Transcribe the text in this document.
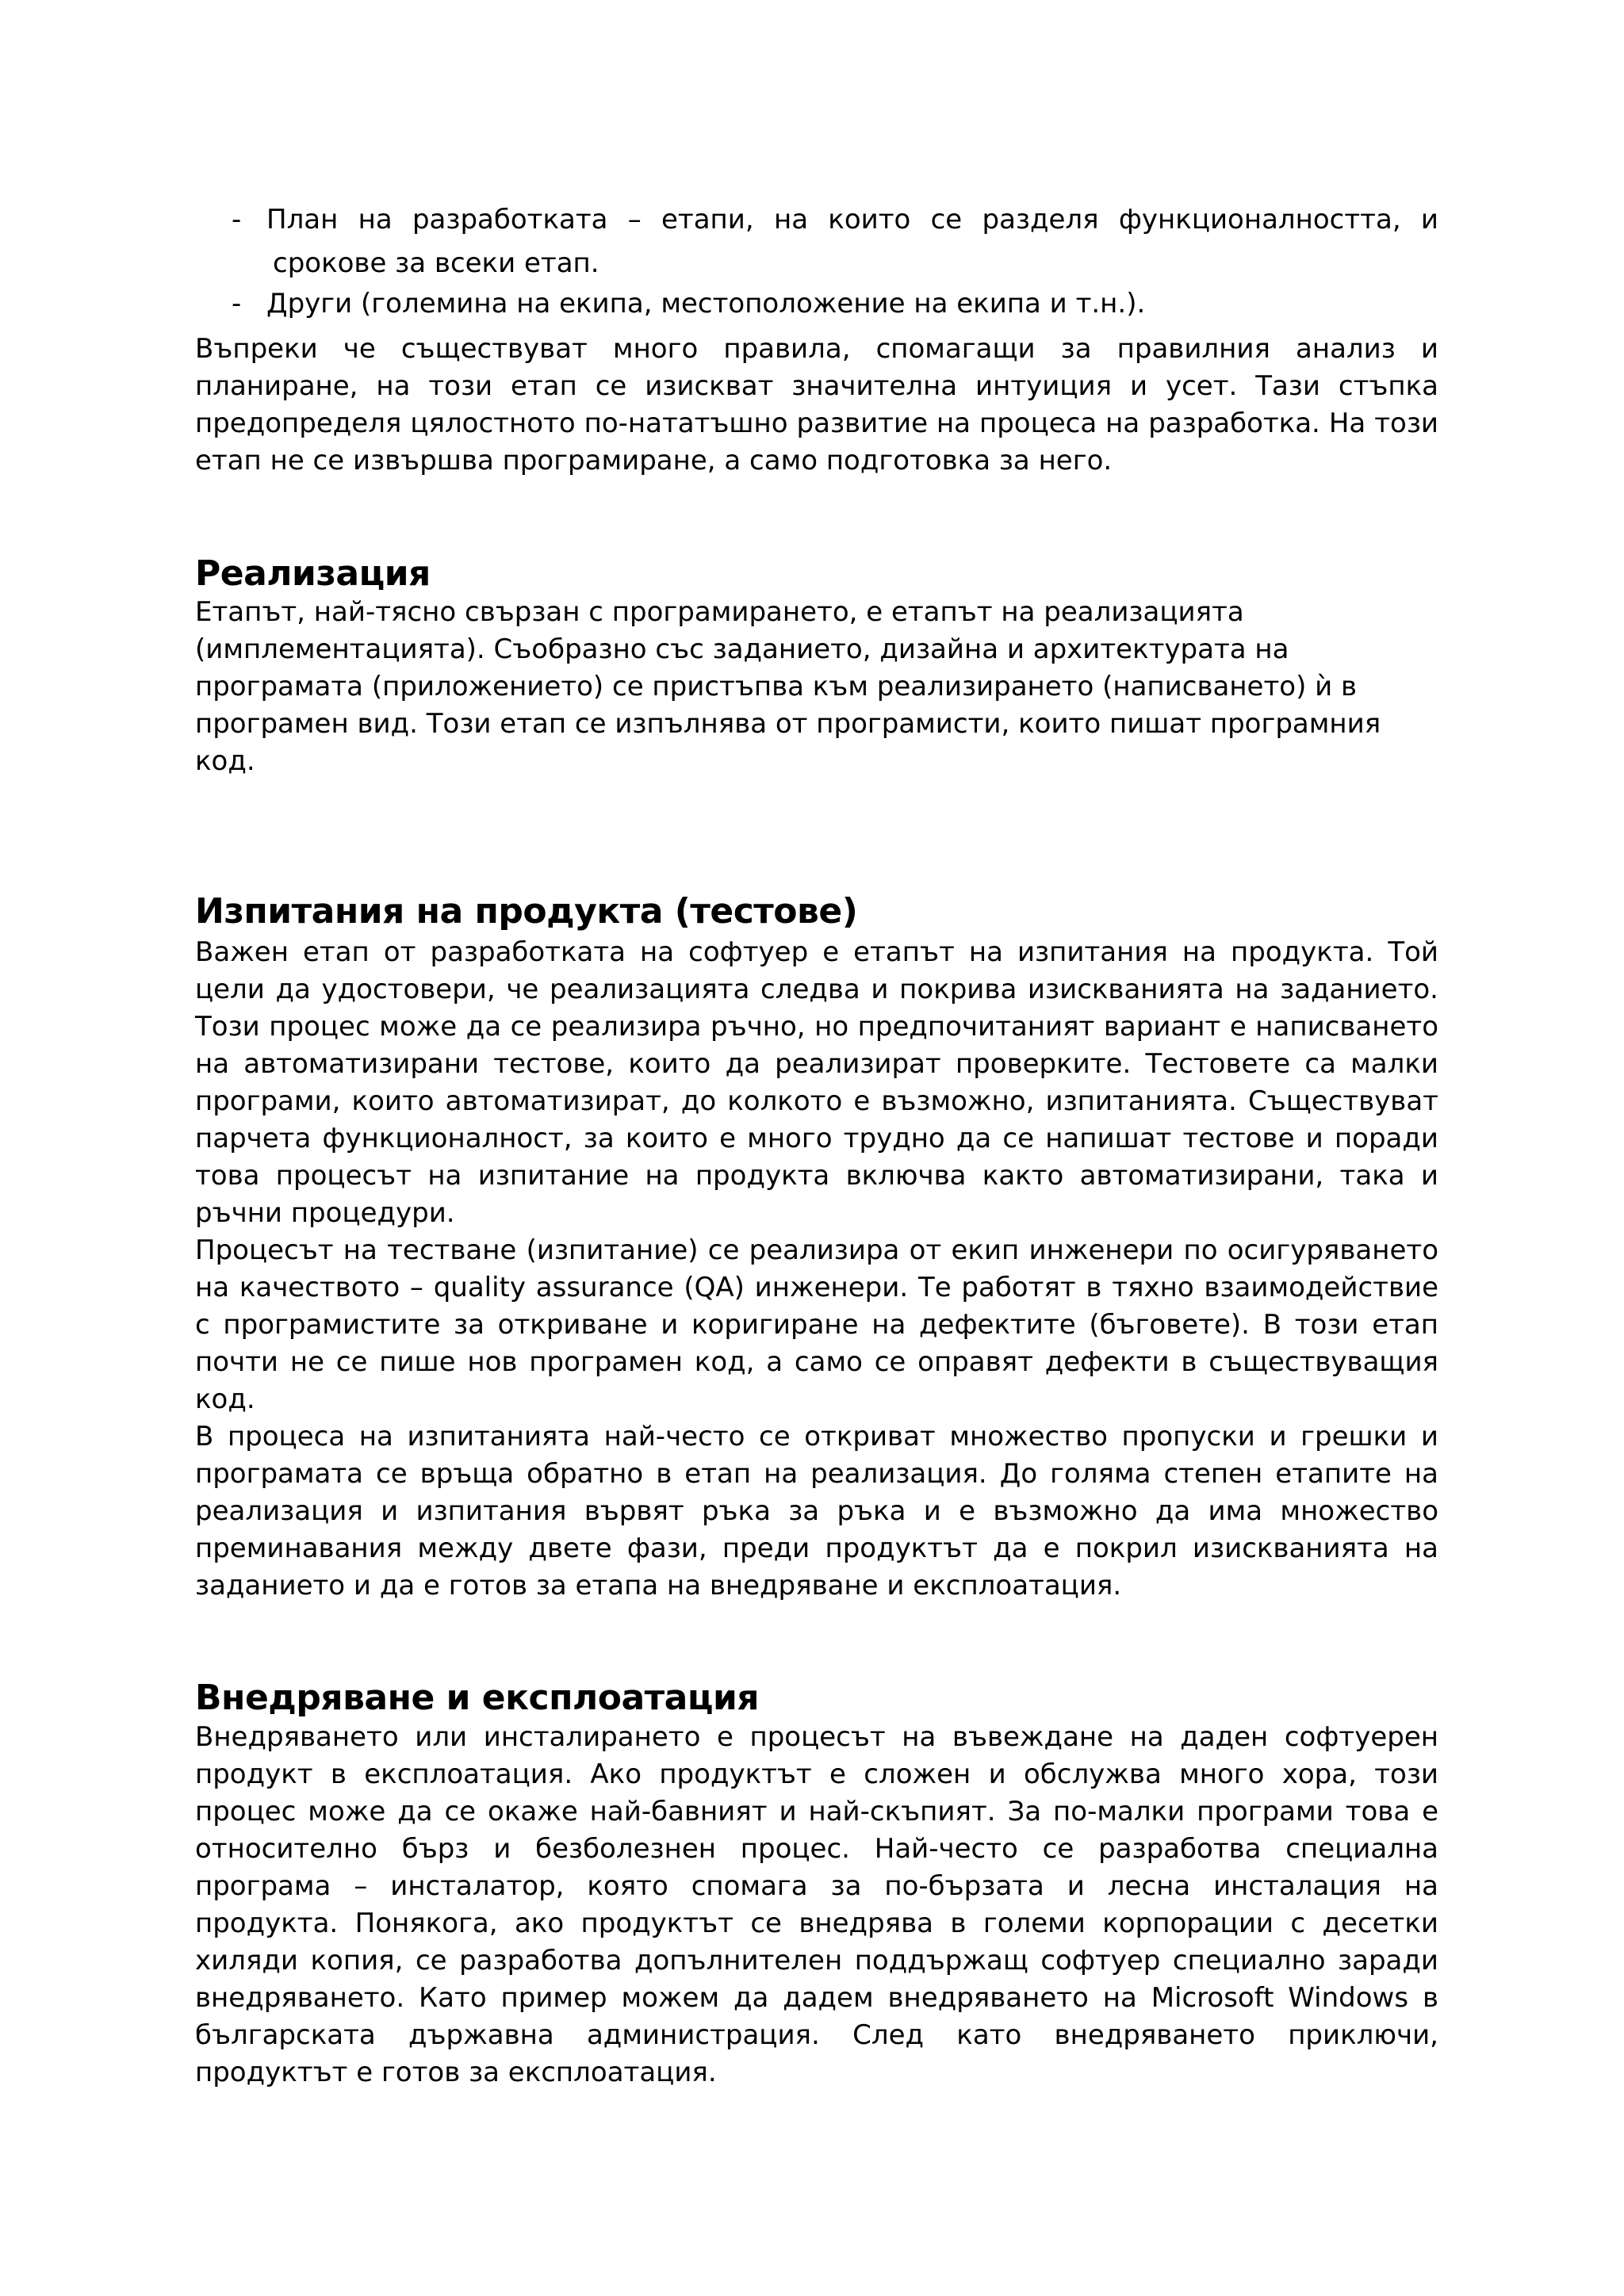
- План на разработката – етапи, на които се разделя функционалността, и
срокове за всеки етап.
- Други (големина на екипа, местоположение на екипа и т.н.).

Въпреки че съществуват много правила, спомагащи за правилния анализ и планиране, на този етап се изискват значителна интуиция и усет. Тази стъпка предопределя цялостното по-нататъшно развитие на процеса на разработка. На този етап не се извършва програмиране, а само подготовка за него.

Реализация

Етапът, най-тясно свързан с програмирането, е етапът на реализацията (имплементацията). Съобразно със заданието, дизайна и архитектурата на програмата (приложението) се пристъпва към реализирането (написването) ѝ в програмен вид. Този етап се изпълнява от програмисти, които пишат програмния код.

Изпитания на продукта (тестове)

Важен етап от разработката на софтуер е етапът на изпитания на продукта. Той цели да удостовери, че реализацията следва и покрива изискванията на заданието. Този процес може да се реализира ръчно, но предпочитаният вариант е написването на автоматизирани тестове, които да реализират проверките. Тестовете са малки програми, които автоматизират, до колкото е възможно, изпитанията. Съществуват парчета функционалност, за които е много трудно да се напишат тестове и поради това процесът на изпитание на продукта включва както автоматизирани, така и ръчни процедури.

Процесът на тестване (изпитание) се реализира от екип инженери по осигуряването на качеството – quality assurance (QA) инженери. Те работят в тяхно взаимодействие с програмистите за откриване и коригиране на дефектите (бъговете). В този етап почти не се пише нов програмен код, а само се оправят дефекти в съществуващия код.

В процеса на изпитанията най-често се откриват множество пропуски и грешки и програмата се връща обратно в етап на реализация. До голяма степен етапите на реализация и изпитания вървят ръка за ръка и е възможно да има множество преминавания между двете фази, преди продуктът да е покрил изискванията на заданието и да е готов за етапа на внедряване и експлоатация.

Внедряване и експлоатация

Внедряването или инсталирането е процесът на въвеждане на даден софтуерен продукт в експлоатация. Ако продуктът е сложен и обслужва много хора, този процес може да се окаже най-бавният и най-скъпият. За по-малки програми това е относително бърз и безболезнен процес. Най-често се разработва специална програма – инсталатор, която спомага за по-бързата и лесна инсталация на продукта. Понякога, ако продуктът се внедрява в големи корпорации с десетки хиляди копия, се разработва допълнителен поддържащ софтуер специално заради внедряването. Като пример можем да дадем внедряването на Microsoft Windows в българската държавна администрация. След като внедряването приключи, продуктът е готов за експлоатация.
